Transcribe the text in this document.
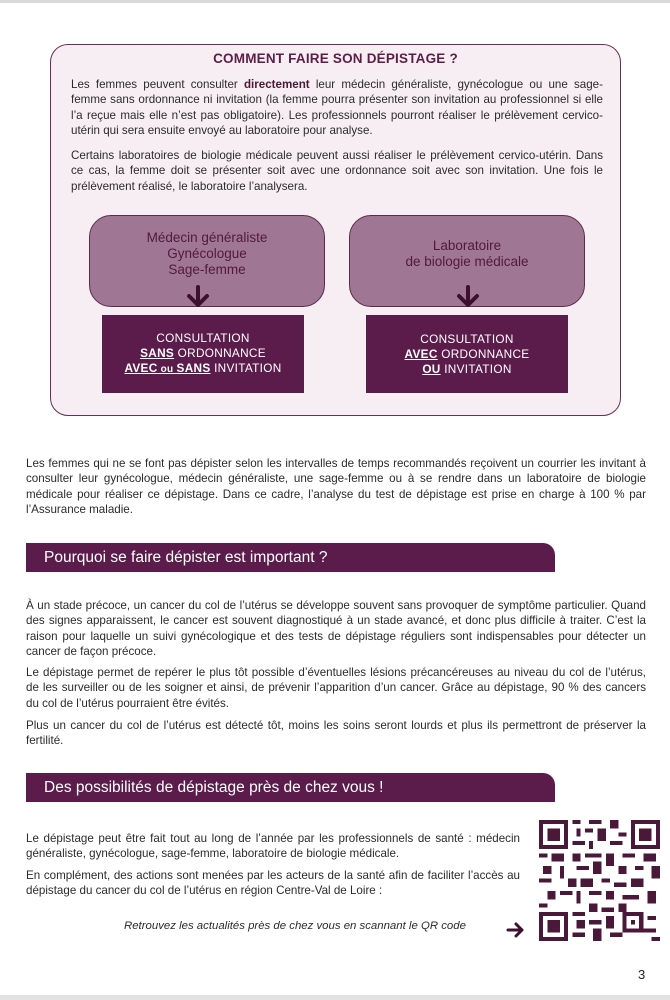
COMMENT FAIRE SON DÉPISTAGE ?
Les femmes peuvent consulter directement leur médecin généraliste, gynécologue ou une sage-femme sans ordonnance ni invitation (la femme pourra présenter son invitation au professionnel si elle l’a reçue mais elle n’est pas obligatoire). Les professionnels pourront réaliser le prélèvement cervico-utérin qui sera ensuite envoyé au laboratoire pour analyse.
Certains laboratoires de biologie médicale peuvent aussi réaliser le prélèvement cervico-utérin. Dans ce cas, la femme doit se présenter soit avec une ordonnance soit avec son invitation. Une fois le prélèvement réalisé, le laboratoire l’analysera.
Médecin généraliste
Gynécologue
Sage-femme
Laboratoire
de biologie médicale
CONSULTATION
SANS ORDONNANCE
AVEC ou SANS INVITATION
CONSULTATION
AVEC ORDONNANCE
OU INVITATION
Les femmes qui ne se font pas dépister selon les intervalles de temps recommandés reçoivent un courrier les invitant à consulter leur gynécologue, médecin généraliste, une sage-femme ou à se rendre dans un laboratoire de biologie médicale pour réaliser ce dépistage. Dans ce cadre, l’analyse du test de dépistage est prise en charge à 100 % par l’Assurance maladie.
Pourquoi se faire dépister est important ?
À un stade précoce, un cancer du col de l’utérus se développe souvent sans provoquer de symptôme particulier. Quand des signes apparaissent, le cancer est souvent diagnostiqué à un stade avancé, et donc plus difficile à traiter. C’est la raison pour laquelle un suivi gynécologique et des tests de dépistage réguliers sont indispensables pour détecter un cancer de façon précoce.
Le dépistage permet de repérer le plus tôt possible d’éventuelles lésions précancéreuses au niveau du col de l’utérus, de les surveiller ou de les soigner et ainsi, de prévenir l’apparition d’un cancer. Grâce au dépistage, 90 % des cancers du col de l’utérus pourraient être évités.
Plus un cancer du col de l’utérus est détecté tôt, moins les soins seront lourds et plus ils permettront de préserver la fertilité.
Des possibilités de dépistage près de chez vous !
Le dépistage peut être fait tout au long de l’année par les professionnels de santé : médecin généraliste, gynécologue, sage-femme, laboratoire de biologie médicale.
En complément, des actions sont menées par les acteurs de la santé afin de faciliter l’accès au dépistage du cancer du col de l’utérus en région Centre-Val de Loire :
Retrouvez les actualités près de chez vous en scannant le QR code
3
